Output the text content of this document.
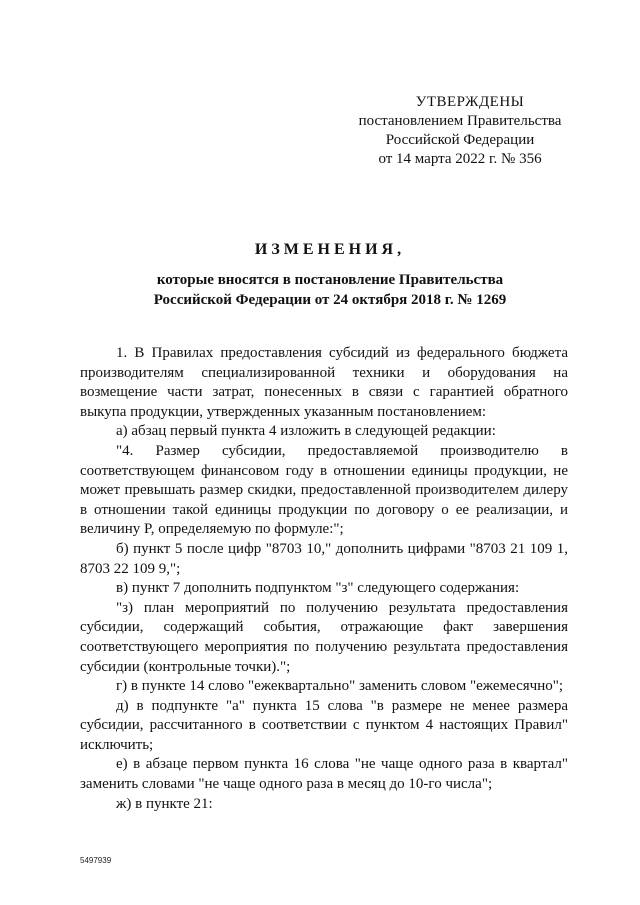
УТВЕРЖДЕНЫ
постановлением Правительства
Российской Федерации
от 14 марта 2022 г. № 356
ИЗМЕНЕНИЯ,
которые вносятся в постановление Правительства
Российской Федерации от 24 октября 2018 г. № 1269

1. В Правилах предоставления субсидий из федерального бюджета производителям специализированной техники и оборудования на возмещение части затрат, понесенных в связи с гарантией обратного выкупа продукции, утвержденных указанным постановлением:

а) абзац первый пункта 4 изложить в следующей редакции:

"4. Размер субсидии, предоставляемой производителю в соответствующем финансовом году в отношении единицы продукции, не может превышать размер скидки, предоставленной производителем дилеру в отношении такой единицы продукции по договору о ее реализации, и величину P, определяемую по формуле:";

б) пункт 5 после цифр "8703 10," дополнить цифрами "8703 21 109 1, 8703 22 109 9,";

в) пункт 7 дополнить подпунктом "з" следующего содержания:

"з) план мероприятий по получению результата предоставления субсидии, содержащий события, отражающие факт завершения соответствующего мероприятия по получению результата предоставления субсидии (контрольные точки).";

г) в пункте 14 слово "ежеквартально" заменить словом "ежемесячно";

д) в подпункте "а" пункта 15 слова "в размере не менее размера субсидии, рассчитанного в соответствии с пунктом 4 настоящих Правил" исключить;

е) в абзаце первом пункта 16 слова "не чаще одного раза в квартал" заменить словами "не чаще одного раза в месяц до 10-го числа";

ж) в пункте 21:

5497939
